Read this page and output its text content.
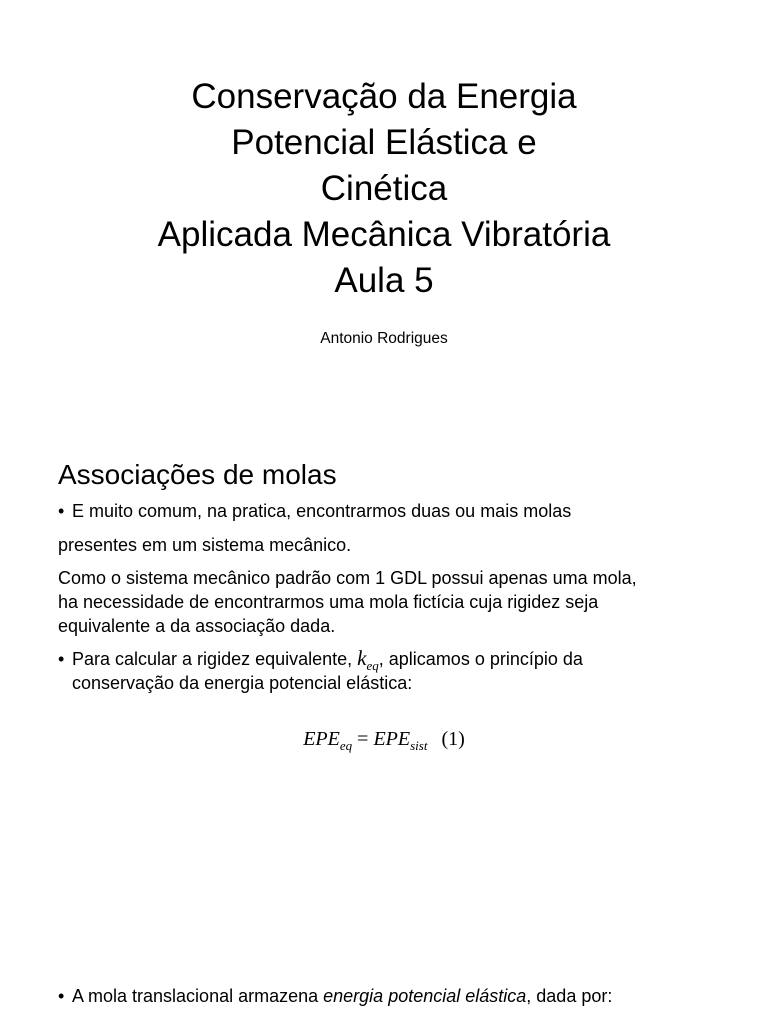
Conservação da Energia
Potencial Elástica e
Cinética
Aplicada Mecânica Vibratória
Aula 5
Antonio Rodrigues
Associações de molas
• E muito comum, na pratica, encontrarmos duas ou mais molas
presentes em um sistema mecânico.
Como o sistema mecânico padrão com 1 GDL possui apenas uma mola,
ha necessidade de encontrarmos uma mola fictícia cuja rigidez seja
equivalente a da associação dada.
• Para calcular a rigidez equivalente, $k_{eq}$, aplicamos o princípio da
conservação da energia potencial elástica:
$EPE_{eq} = EPE_{sist}$ (1)
• A mola translacional armazena energia potencial elástica, dada por:
